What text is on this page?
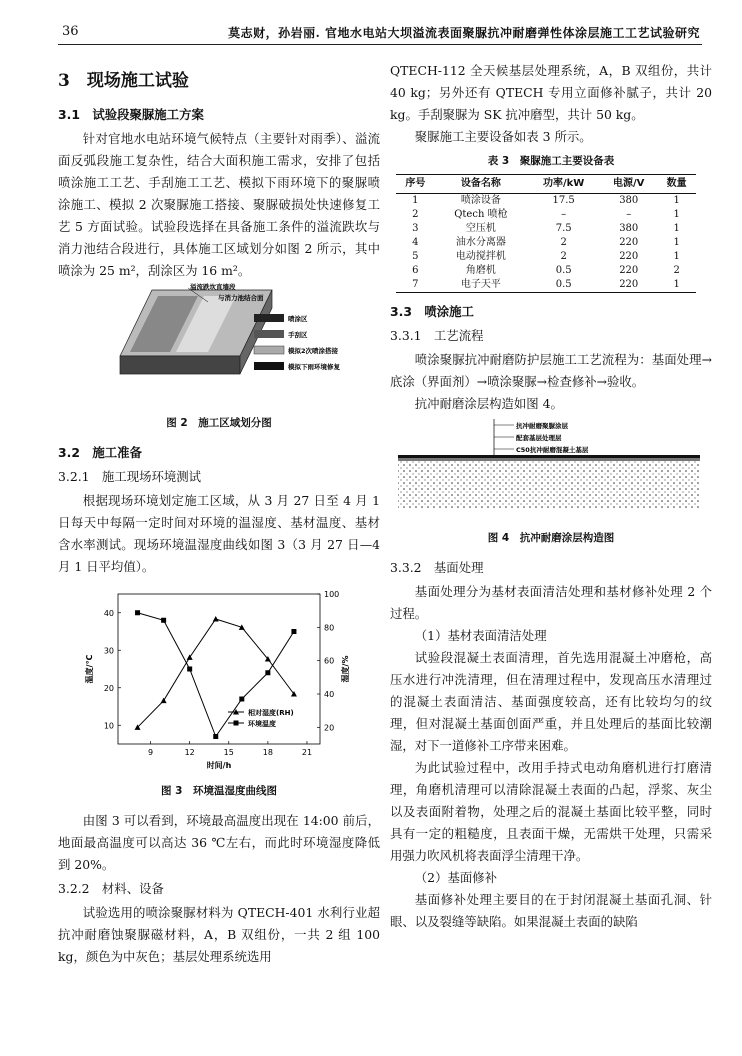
36	莫志财，孙岩丽. 官地水电站大坝溢流表面聚脲抗冲耐磨弹性体涂层施工工艺试验研究
3　现场施工试验
3.1　试验段聚脲施工方案

针对官地水电站环境气候特点（主要针对雨季）、溢流面反弧段施工复杂性，结合大面积施工需求，安排了包括喷涂施工工艺、手刮施工工艺、模拟下雨环境下的聚脲喷涂施工、模拟 2 次聚脲施工搭接、聚脲破损处快速修复工艺 5 方面试验。试验段选择在具备施工条件的溢流跌坎与消力池结合段进行，具体施工区域划分如图 2 所示，其中喷涂为 25 m²，刮涂区为 16 m²。

溢流跌坎直墙段
与消力池结合面
喷涂区
手刮区
模拟2次喷涂搭接
模拟下雨环境修复
图 2　施工区域划分图
3.2　施工准备
3.2.1　施工现场环境测试

根据现场环境划定施工区域，从 3 月 27 日至 4 月 1 日每天中每隔一定时间对环境的温湿度、基材温度、基材含水率测试。现场环境温湿度曲线如图 3（3 月 27 日—4 月 1 日平均值）。

9	12	15	18	21
10
20
30
40
20
40
60
80
100
时间/h
温度/℃	湿度/%
相对湿度(RH)
环境温度
图 3　环境温湿度曲线图

由图 3 可以看到，环境最高温度出现在 14:00 前后，地面最高温度可以高达 36 ℃左右，而此时环境湿度降低到 20%。

3.2.2　材料、设备

试验选用的喷涂聚脲材料为 QTECH-401 水利行业超抗冲耐磨蚀聚脲磁材料，A，B 双组份，一共 2 组 100 kg，颜色为中灰色；基层处理系统选用

QTECH-112 全天候基层处理系统，A，B 双组份，共计 40 kg；另外还有 QTECH 专用立面修补腻子，共计 20 kg。手刮聚脲为 SK 抗冲磨型，共计 50 kg。

聚脲施工主要设备如表 3 所示。

表 3　聚脲施工主要设备表
序号	设备名称	功率/kW	电源/V	数量
1	喷涂设备	17.5	380	1
2	Qtech 喷枪	–	–	1
3	空压机	7.5	380	1
4	油水分离器	2	220	1
5	电动搅拌机	2	220	1
6	角磨机	0.5	220	2
7	电子天平	0.5	220	1
3.3　喷涂施工
3.3.1　工艺流程

喷涂聚脲抗冲耐磨防护层施工工艺流程为：基面处理→底涂（界面剂）→喷涂聚脲→检查修补→验收。

抗冲耐磨涂层构造如图 4。

抗冲耐磨聚脲涂层
配套基层处理层
C50抗冲耐磨混凝土基层
图 4　抗冲耐磨涂层构造图
3.3.2　基面处理

基面处理分为基材表面清洁处理和基材修补处理 2 个过程。

（1）基材表面清洁处理

试验段混凝土表面清理，首先选用混凝土冲磨枪，高压水进行冲洗清理，但在清理过程中，发现高压水清理过的混凝土表面清洁、基面强度较高，还有比较均匀的纹理，但对混凝土基面创面严重，并且处理后的基面比较潮湿，对下一道修补工序带来困难。

为此试验过程中，改用手持式电动角磨机进行打磨清理，角磨机清理可以清除混凝土表面的凸起，浮浆、灰尘以及表面附着物，处理之后的混凝土基面比较平整，同时具有一定的粗糙度，且表面干燥，无需烘干处理，只需采用强力吹风机将表面浮尘清理干净。

（2）基面修补

基面修补处理主要目的在于封闭混凝土基面孔洞、针眼、以及裂缝等缺陷。如果混凝土表面的缺陷
